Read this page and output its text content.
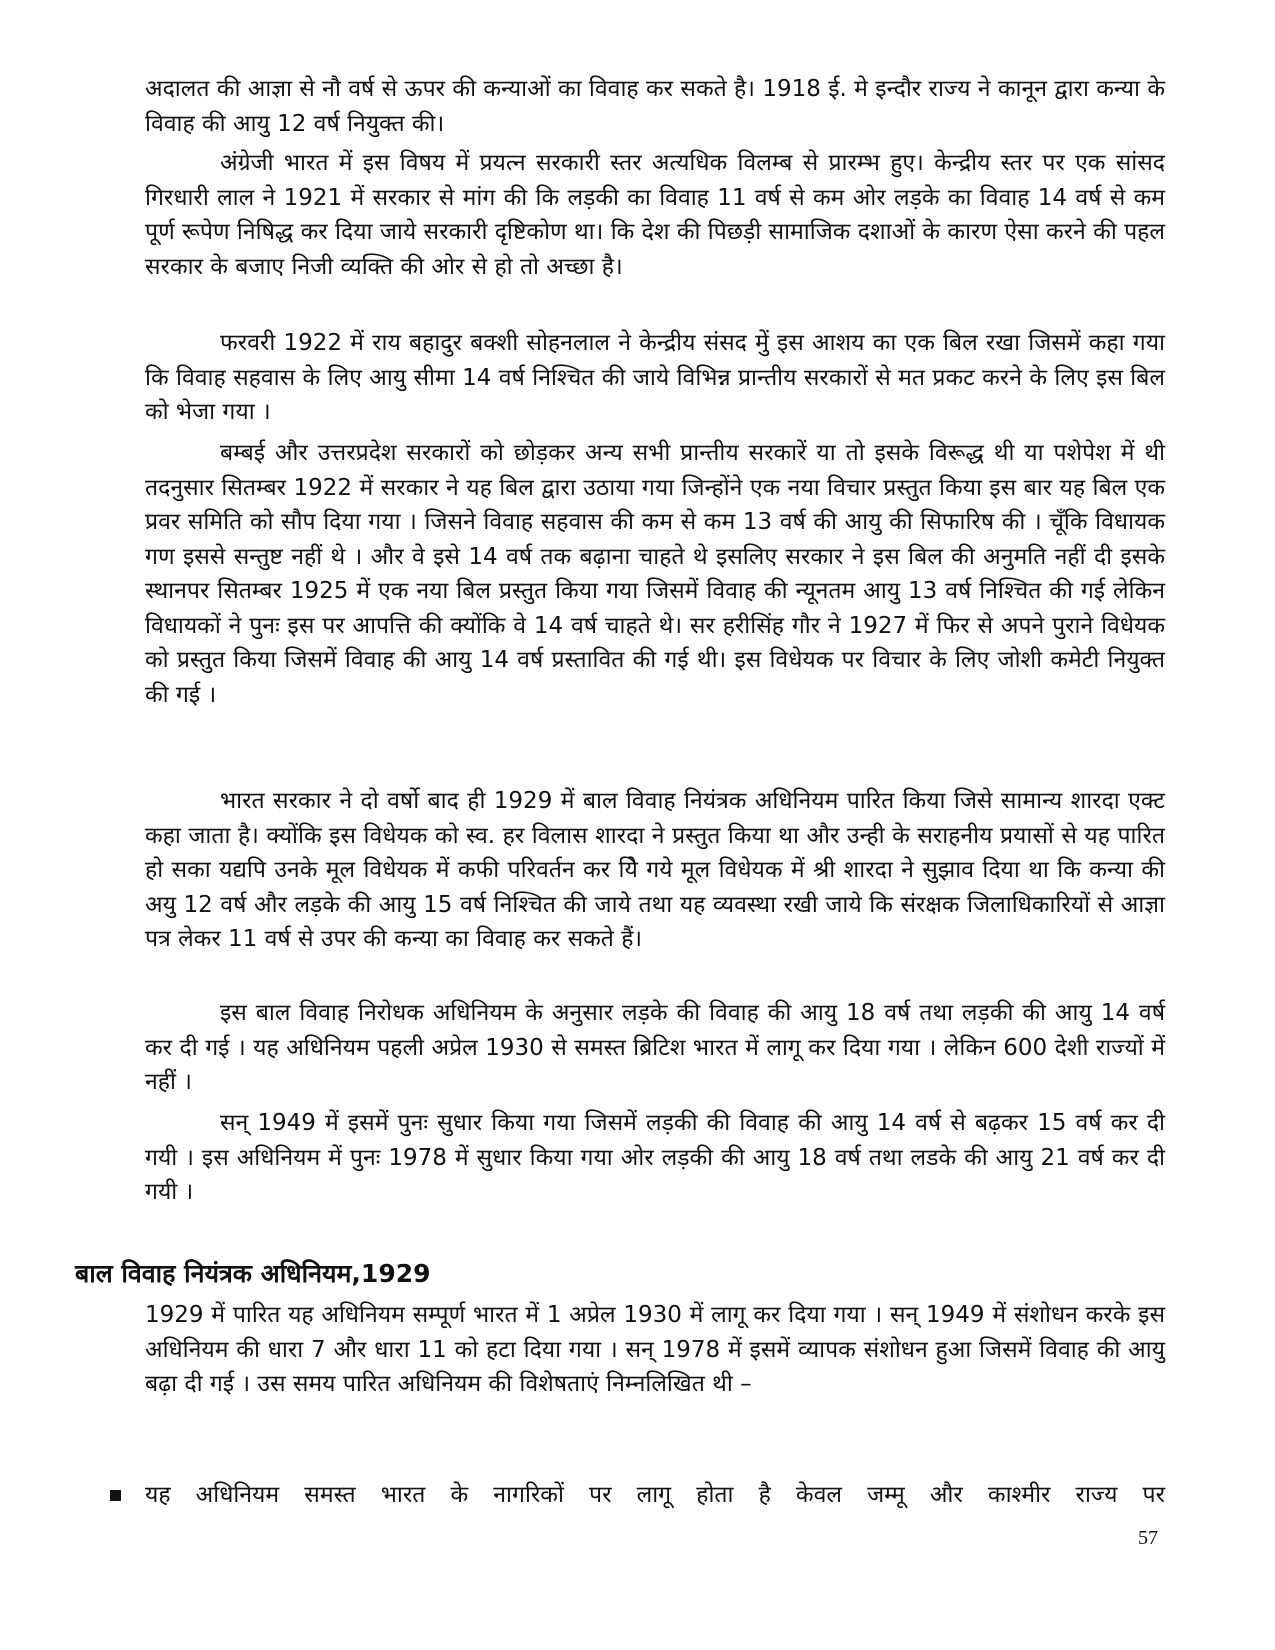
अदालत की आज्ञा से नौ वर्ष से ऊपर की कन्याओं का विवाह कर सकते है। 1918 ई. मे इन्दौर राज्य ने कानून द्वारा कन्या के विवाह की आयु 12 वर्ष नियुक्त की।

अंग्रेजी भारत में इस विषय में प्रयत्न सरकारी स्तर अत्यधिक विलम्ब से प्रारम्भ हुए। केन्द्रीय स्तर पर एक सांसद गिरधारी लाल ने 1921 में सरकार से मांग की कि लड़की का विवाह 11 वर्ष से कम ओर लड़के का विवाह 14 वर्ष से कम पूर्ण रूपेण निषिद्ध कर दिया जाये सरकारी दृष्टिकोण था। कि देश की पिछड़ी सामाजिक दशाओं के कारण ऐसा करने की पहल सरकार के बजाए निजी व्यक्ति की ओर से हो तो अच्छा है।

फरवरी 1922 में राय बहादुर बक्शी सोहनलाल ने केन्द्रीय संसद मुें इस आशय का एक बिल रखा जिसमें कहा गया कि विवाह सहवास के लिए आयु सीमा 14 वर्ष निश्चित की जाये विभिन्न प्रान्तीय सरकारों से मत प्रकट करने के लिए इस बिल को भेजा गया ।

बम्बई और उत्तरप्रदेश सरकारों को छोड़कर अन्य सभी प्रान्तीय सरकारें या तो इसके विरूद्ध थी या पशेपेश में थी तदनुसार सितम्बर 1922 में सरकार ने यह बिल द्वारा उठाया गया जिन्होंने एक नया विचार प्रस्तुत किया इस बार यह बिल एक प्रवर समिति को सौप दिया गया । जिसने विवाह सहवास की कम से कम 13 वर्ष की आयु की सिफारिष की । चूँकि विधायक गण इससे सन्तुष्ट नहीं थे । और वे इसे 14 वर्ष तक बढ़ाना चाहते थे इसलिए सरकार ने इस बिल की अनुमति नहीं दी इसके स्थानपर सितम्बर 1925 में एक नया बिल प्रस्तुत किया गया जिसमें विवाह की न्यूनतम आयु 13 वर्ष निश्चित की गई लेकिन विधायकों ने पुनः इस पर आपत्ति की क्योंकि वे 14 वर्ष चाहते थे। सर हरीसिंह गौर ने 1927 में फिर से अपने पुराने विधेयक को प्रस्तुत किया जिसमें विवाह की आयु 14 वर्ष प्रस्तावित की गई थी। इस विधेयक पर विचार के लिए जोशी कमेटी नियुक्त की गई ।

भारत सरकार ने दो वर्षो बाद ही 1929 में बाल विवाह नियंत्रक अधिनियम पारित किया जिसे सामान्य शारदा एक्ट कहा जाता है। क्योंकि इस विधेयक को स्व. हर विलास शारदा ने प्रस्तुत किया था और उन्ही के सराहनीय प्रयासों से यह पारित हो सका यद्यपि उनके मूल विधेयक में कफी परिवर्तन कर यिे गये मूल विधेयक में श्री शारदा ने सुझाव दिया था कि कन्या की अयु 12 वर्ष और लड़के की आयु 15 वर्ष निश्चित की जाये तथा यह व्यवस्था रखी जाये कि संरक्षक जिलाधिकारियों से आज्ञा पत्र लेकर 11 वर्ष से उपर की कन्या का विवाह कर सकते हैं।

इस बाल विवाह निरोधक अधिनियम के अनुसार लड़के की विवाह की आयु 18 वर्ष तथा लड़की की आयु 14 वर्ष कर दी गई । यह अधिनियम पहली अप्रेल 1930 से समस्त ब्रिटिश भारत में लागू कर दिया गया । लेकिन 600 देशी राज्यों में नहीं ।

सन् 1949 में इसमें पुनः सुधार किया गया जिसमें लड़की की विवाह की आयु 14 वर्ष से बढ़कर 15 वर्ष कर दी गयी । इस अधिनियम में पुनः 1978 में सुधार किया गया ओर लड़की की आयु 18 वर्ष तथा लडके की आयु 21 वर्ष कर दी गयी ।

बाल विवाह नियंत्रक अधिनियम,1929

1929 में पारित यह अधिनियम सम्पूर्ण भारत में 1 अप्रेल 1930 में लागू कर दिया गया । सन् 1949 में संशोधन करके इस अधिनियम की धारा 7 और धारा 11 को हटा दिया गया । सन् 1978 में इसमें व्यापक संशोधन हुआ जिसमें विवाह की आयु बढ़ा दी गई । उस समय पारित अधिनियम की विशेषताएं निम्नलिखित थी –

यह अधिनियम समस्त भारत के नागरिकों पर लागू होता है केवल जम्मू और काश्मीर राज्य पर
57
